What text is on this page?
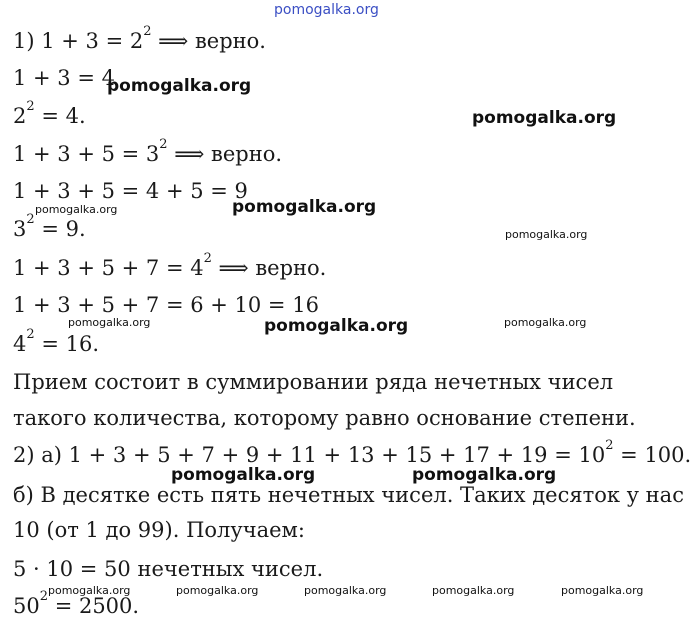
pomogalka.org
1) $1 + 3 = 2^2$ ⟹ верно.
1 + 3 = 4
$2^2 = 4$.
$1 + 3 + 5 = 3^2$ ⟹ верно.
1 + 3 + 5 = 4 + 5 = 9
$3^2 = 9$.
$1 + 3 + 5 + 7 = 4^2$ ⟹ верно.
1 + 3 + 5 + 7 = 6 + 10 = 16
$4^2 = 16$.
Прием состоит в суммировании ряда нечетных чисел
такого количества, которому равно основание степени.
2) а) $1 + 3 + 5 + 7 + 9 + 11 + 13 + 15 + 17 + 19 = 10^2 = 100$.
б) В десятке есть пять нечетных чисел. Таких десяток у нас
10 (от 1 до 99). Получаем:
5 · 10 = 50 нечетных чисел.
$50^2 = 2500$.
pomogalka.org
pomogalka.org
pomogalka.org
pomogalka.org
pomogalka.org	pomogalka.org
pomogalka.org
pomogalka.org
pomogalka.org	pomogalka.org
pomogalka.org	pomogalka.org	pomogalka.org	pomogalka.org	pomogalka.org
